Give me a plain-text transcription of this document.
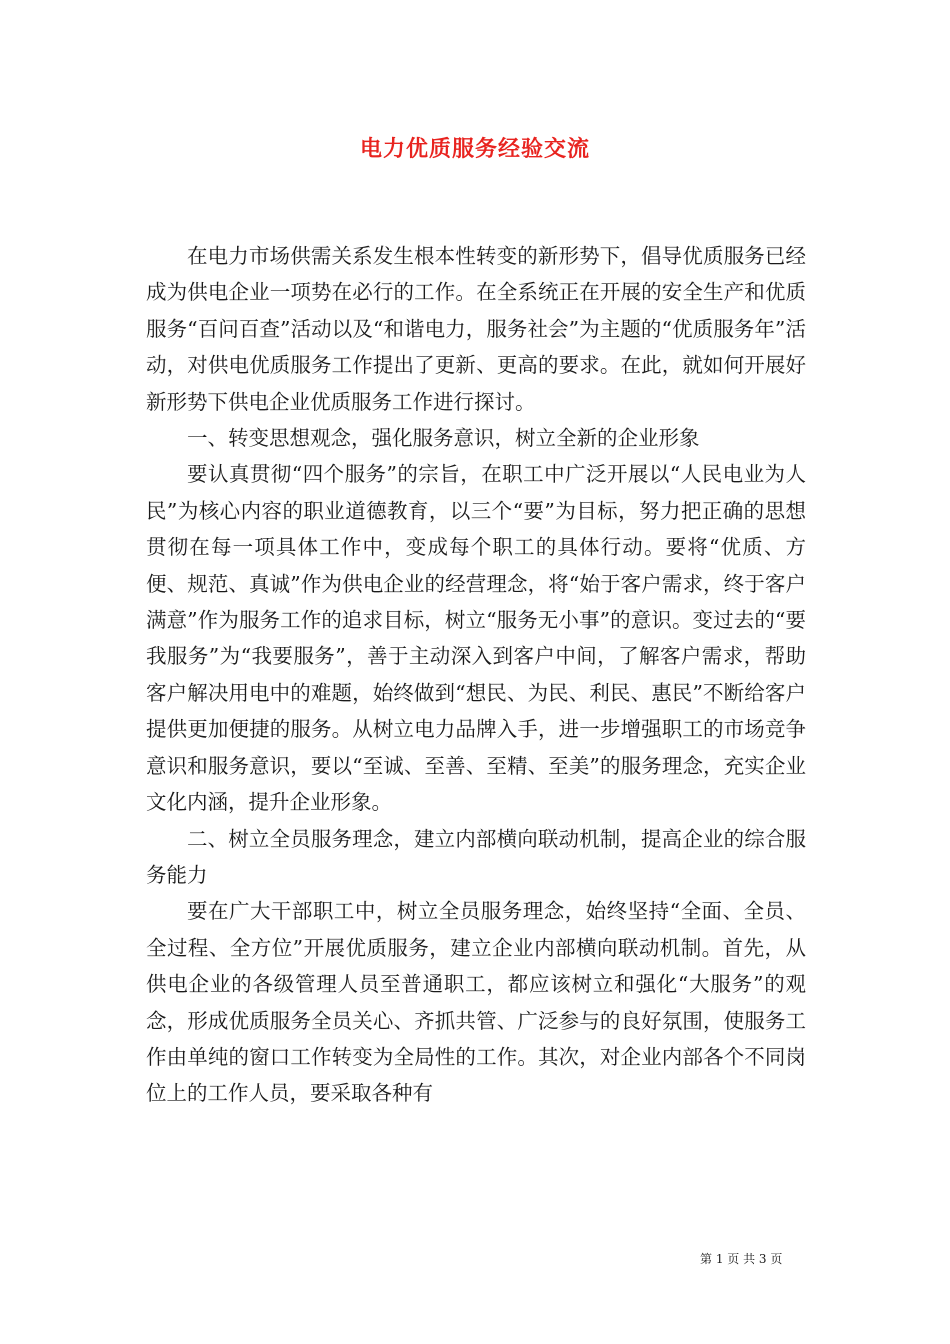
电力优质服务经验交流

在电力市场供需关系发生根本性转变的新形势下，倡导优质服务已经成为供电企业一项势在必行的工作。在全系统正在开展的安全生产和优质服务“百问百查”活动以及“和谐电力，服务社会”为主题的“优质服务年”活动，对供电优质服务工作提出了更新、更高的要求。在此，就如何开展好新形势下供电企业优质服务工作进行探讨。

一、转变思想观念，强化服务意识，树立全新的企业形象

要认真贯彻“四个服务”的宗旨，在职工中广泛开展以“人民电业为人民”为核心内容的职业道德教育，以三个“要”为目标，努力把正确的思想贯彻在每一项具体工作中，变成每个职工的具体行动。要将“优质、方便、规范、真诚”作为供电企业的经营理念，将“始于客户需求，终于客户满意”作为服务工作的追求目标，树立“服务无小事”的意识。变过去的“要我服务”为“我要服务”，善于主动深入到客户中间，了解客户需求，帮助客户解决用电中的难题，始终做到“想民、为民、利民、惠民”不断给客户提供更加便捷的服务。从树立电力品牌入手，进一步增强职工的市场竞争意识和服务意识，要以“至诚、至善、至精、至美”的服务理念，充实企业文化内涵，提升企业形象。

二、树立全员服务理念，建立内部横向联动机制，提高企业的综合服务能力

要在广大干部职工中，树立全员服务理念，始终坚持“全面、全员、全过程、全方位”开展优质服务，建立企业内部横向联动机制。首先，从供电企业的各级管理人员至普通职工，都应该树立和强化“大服务”的观念，形成优质服务全员关心、齐抓共管、广泛参与的良好氛围，使服务工作由单纯的窗口工作转变为全局性的工作。其次，对企业内部各个不同岗位上的工作人员，要采取各种有

第 1 页 共 3 页
